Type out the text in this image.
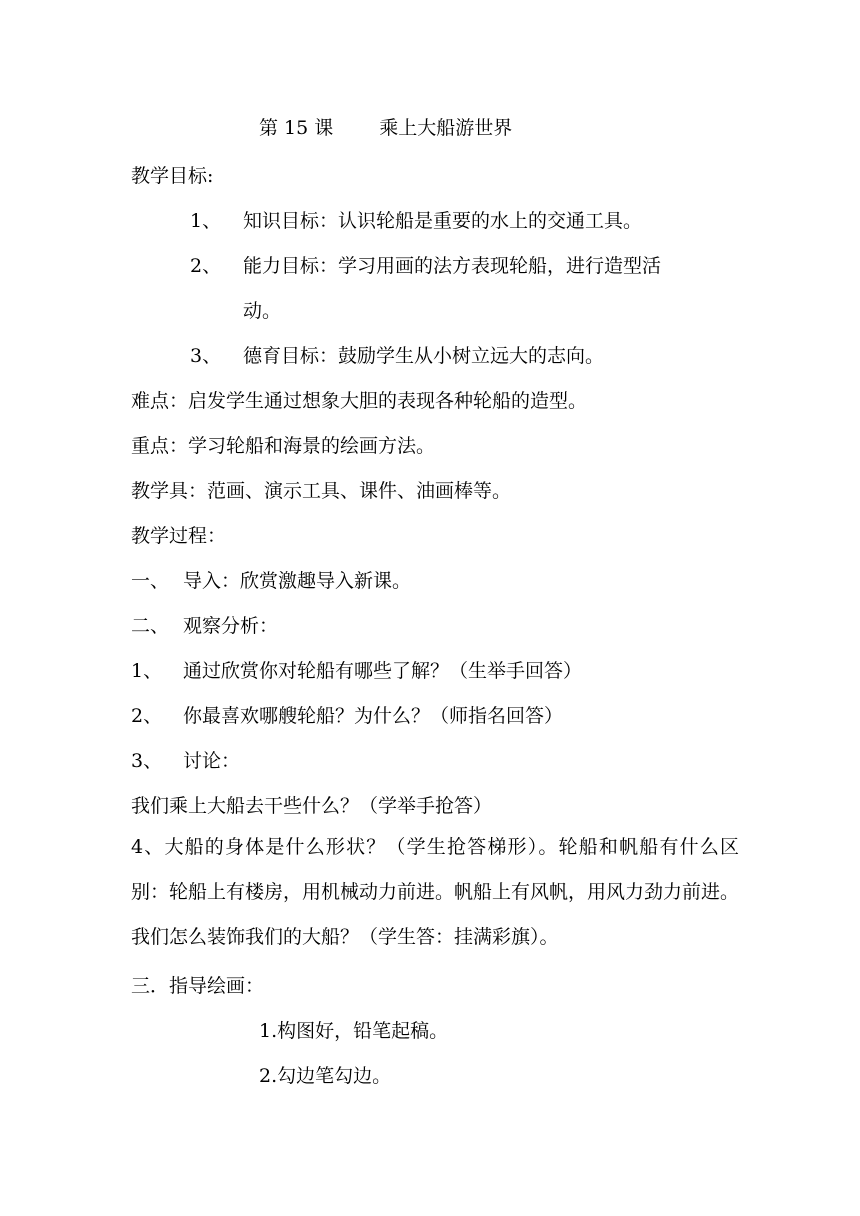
第 15 课 乘上大船游世界
教学目标:
1、 知识目标：认识轮船是重要的水上的交通工具。
2、 能力目标：学习用画的法方表现轮船，进行造型活
动。
3、 德育目标：鼓励学生从小树立远大的志向。
难点：启发学生通过想象大胆的表现各种轮船的造型。
重点：学习轮船和海景的绘画方法。
教学具：范画、演示工具、课件、油画棒等。
教学过程：
一、 导入：欣赏激趣导入新课。
二、 观察分析：
1、 通过欣赏你对轮船有哪些了解？（生举手回答）
2、 你最喜欢哪艘轮船？为什么？（师指名回答）
3、 讨论：
我们乘上大船去干些什么？（学举手抢答）
4、大船的身体是什么形状？（学生抢答梯形）。轮船和帆船有什么区别：轮船上有楼房，用机械动力前进。帆船上有风帆，用风力劲力前进。我们怎么装饰我们的大船？（学生答：挂满彩旗）。
三．指导绘画：
1.构图好，铅笔起稿。
2.勾边笔勾边。
